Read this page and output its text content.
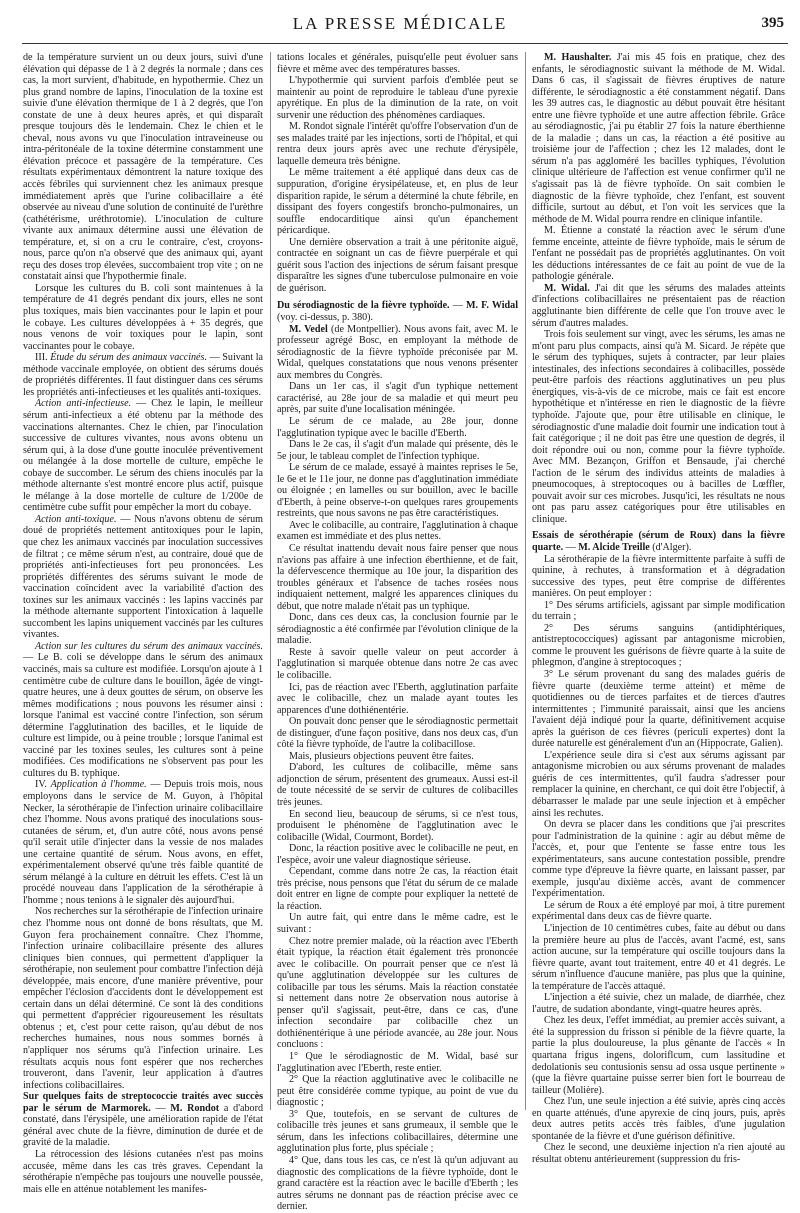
LA PRESSE MÉDICALE	395

de la température survient un ou deux jours, suivi d'une élévation qui dépasse de 1 à 2 degrés la normale ; dans ces cas, la mort survient, d'habitude, en hypothermie. Chez un plus grand nombre de lapins, l'inoculation de la toxine est suivie d'une élévation thermique de 1 à 2 degrés, que l'on constate de une à deux heures après, et qui disparaît presque toujours dès le lendemain. Chez le chien et le cheval, nous avons vu que l'inoculation intraveineuse ou intra-péritonéale de la toxine détermine constamment une élévation précoce et passagère de la température. Ces résultats expérimentaux démontrent la nature toxique des accès fébriles qui surviennent chez les animaux presque immédiatement après que l'urine colibacillaire a été observée au niveau d'une solution de continuité de l'urèthre (cathétérisme, uréthrotomie). L'inoculation de culture vivante aux animaux détermine aussi une élévation de température, et, si on a cru le contraire, c'est, croyons-nous, parce qu'on n'a observé que des animaux qui, ayant reçu des doses trop élevées, succombaient trop vite ; on ne constatait ainsi que l'hypothermie finale.

Lorsque les cultures du B. coli sont maintenues à la température de 41 degrés pendant dix jours, elles ne sont plus toxiques, mais bien vaccinantes pour le lapin et pour le cobaye. Les cultures développées à + 35 degrés, que nous venons de voir toxiques pour le lapin, sont vaccinantes pour le cobaye.

III. Étude du sérum des animaux vaccinés. — Suivant la méthode vaccinale employée, on obtient des sérums doués de propriétés différentes. Il faut distinguer dans ces sérums les propriétés anti-infectieuses et les qualités anti-toxiques.

Action anti-infectieuse. — Chez le lapin, le meilleur sérum anti-infectieux a été obtenu par la méthode des vaccinations alternantes. Chez le chien, par l'inoculation successive de cultures vivantes, nous avons obtenu un sérum qui, à la dose d'une goutte inoculée préventivement ou mélangée à la dose mortelle de culture, empêche le cobaye de succomber. Le sérum des chiens inoculés par la méthode alternante s'est montré encore plus actif, puisque le mélange à la dose mortelle de culture de 1/200e de centimètre cube suffit pour empêcher la mort du cobaye.

Action anti-toxique. — Nous n'avons obtenu de sérum doué de propriétés nettement antitoxiques pour le lapin, que chez les animaux vaccinés par inoculation successives de filtrat ; ce même sérum n'est, au contraire, doué que de propriétés anti-infectieuses fort peu prononcées. Les propriétés différentes des sérums suivant le mode de vaccination coïncident avec la variabilité d'action des toxines sur les animaux vaccinés : les lapins vaccinés par la méthode alternante supportent l'intoxication à laquelle succombent les lapins uniquement vaccinés par les cultures vivantes.

Action sur les cultures du sérum des animaux vaccinés. — Le B. coli se développe dans le sérum des animaux vaccinés, mais sa culture est modifiée. Lorsqu'on ajoute à 1 centimètre cube de culture dans le bouillon, âgée de vingt-quatre heures, une à deux gouttes de sérum, on observe les mêmes modifications ; nous pouvons les résumer ainsi : lorsque l'animal est vacciné contre l'infection, son sérum détermine l'agglutination des bacilles, et le liquide de culture est limpide, ou à peine trouble ; lorsque l'animal est vacciné par les toxines seules, les cultures sont à peine modifiées. Ces modifications ne s'observent pas pour les cultures du B. typhique.

IV. Application à l'homme. — Depuis trois mois, nous employons dans le service de M. Guyon, à l'hôpital Necker, la sérothérapie de l'infection urinaire colibacillaire chez l'homme. Nous avons pratiqué des inoculations sous-cutanées de sérum, et, d'un autre côté, nous avons pensé qu'il serait utile d'injecter dans la vessie de nos malades une certaine quantité de sérum. Nous avons, en effet, expérimentalement observé qu'une très faible quantité de sérum mélangé à la culture en détruit les effets. C'est là un procédé nouveau dans l'application de la sérothérapie à l'homme ; nous tenions à le signaler dès aujourd'hui.

Nos recherches sur la sérothérapie de l'infection urinaire chez l'homme nous ont donné de bons résultats, que M. Guyon fera prochainement connaître. Chez l'homme, l'infection urinaire colibacillaire présente des allures cliniques bien connues, qui permettent d'appliquer la sérothérapie, non seulement pour combattre l'infection déjà développée, mais encore, d'une manière préventive, pour empêcher l'éclosion d'accidents dont le développement est certain dans un délai déterminé. Ce sont là des conditions qui permettent d'apprécier rigoureusement les résultats obtenus ; et, c'est pour cette raison, qu'au début de nos recherches humaines, nous nous sommes bornés à n'appliquer nos sérums qu'à l'infection urinaire. Les résultats acquis nous font espérer que nos recherches trouveront, dans l'avenir, leur application à d'autres infections colibacillaires.

Sur quelques faits de streptococcie traités avec succès par le sérum de Marmorek. — M. Rondot a d'abord constaté, dans l'érysipèle, une amélioration rapide de l'état général avec chute de la fièvre, diminution de durée et de gravité de la maladie.

La rétrocession des lésions cutanées n'est pas moins accusée, même dans les cas très graves. Cependant la sérothérapie n'empêche pas toujours une nouvelle poussée, mais elle en atténue notablement les manifes-

tations locales et générales, puisqu'elle peut évoluer sans fièvre et même avec des températures basses.

L'hypothermie qui survient parfois d'emblée peut se maintenir au point de reproduire le tableau d'une pyrexie apyrétique. En plus de la diminution de la rate, on voit survenir une réduction des phénomènes cardiaques.

M. Rondot signale l'intérêt qu'offre l'observation d'un de ses malades traité par les injections, sorti de l'hôpital, et qui rentra deux jours après avec une rechute d'érysipèle, laquelle demeura très bénigne.

Le même traitement a été appliqué dans deux cas de suppuration, d'origine érysipélateuse, et, en plus de leur disparition rapide, le sérum a déterminé la chute fébrile, en dissipant des foyers congestifs broncho-pulmonaires, un souffle endocarditique ainsi qu'un épanchement péricardique.

Une dernière observation a trait à une péritonite aiguë, contractée en soignant un cas de fièvre puerpérale et qui guérit sous l'action des injections de sérum faisant presque disparaître les signes d'une tuberculose pulmonaire en voie de guérison.

Du sérodiagnostic de la fièvre typhoïde. — M. F. Widal (voy. ci-dessus, p. 380).

M. Vedel (de Montpellier). Nous avons fait, avec M. le professeur agrégé Bosc, en employant la méthode de sérodiagnostic de la fièvre typhoïde préconisée par M. Widal, quelques constatations que nous venons présenter aux membres du Congrès.

Dans un 1er cas, il s'agit d'un typhique nettement caractérisé, au 28e jour de sa maladie et qui meurt peu après, par suite d'une localisation méningée.

Le sérum de ce malade, au 28e jour, donne l'agglutination typique avec le bacille d'Eberth.

Dans le 2e cas, il s'agit d'un malade qui présente, dès le 5e jour, le tableau complet de l'infection typhique.

Le sérum de ce malade, essayé à maintes reprises le 5e, le 6e et le 11e jour, ne donne pas d'agglutination immédiate ou éloignée ; en lamelles ou sur bouillon, avec le bacille d'Eberth, à peine observe-t-on quelques rares groupements restreints, que nous savons ne pas être caractéristiques.

Avec le colibacille, au contraire, l'agglutination à chaque examen est immédiate et des plus nettes.

Ce résultat inattendu devait nous faire penser que nous n'avions pas affaire à une infection éberthienne, et de fait, la défervescence thermique au 10e jour, la disparition des troubles généraux et l'absence de taches rosées nous indiquaient nettement, malgré les apparences cliniques du début, que notre malade n'était pas un typhique.

Donc, dans ces deux cas, la conclusion fournie par le sérodiagnostic a été confirmée par l'évolution clinique de la maladie.

Reste à savoir quelle valeur on peut accorder à l'agglutination si marquée obtenue dans notre 2e cas avec le colibacille.

Ici, pas de réaction avec l'Eberth, agglutination parfaite avec le colibacille, chez un malade ayant toutes les apparences d'une dothiénentérie.

On pouvait donc penser que le sérodiagnostic permettait de distinguer, d'une façon positive, dans nos deux cas, d'un côté la fièvre typhoïde, de l'autre la colibacillose.

Mais, plusieurs objections peuvent être faites.

D'abord, les cultures de colibacille, même sans adjonction de sérum, présentent des grumeaux. Aussi est-il de toute nécessité de se servir de cultures de colibacilles très jeunes.

En second lieu, beaucoup de sérums, si ce n'est tous, produisent le phénomène de l'agglutination avec le colibacille (Widal, Courmont, Bordet).

Donc, la réaction positive avec le colibacille ne peut, en l'espèce, avoir une valeur diagnostique sérieuse.

Cependant, comme dans notre 2e cas, la réaction était très précise, nous pensons que l'état du sérum de ce malade doit entrer en ligne de compte pour expliquer la netteté de la réaction.

Un autre fait, qui entre dans le même cadre, est le suivant :

Chez notre premier malade, où la réaction avec l'Eberth était typique, la réaction était également très prononcée avec le colibacille. On pourrait penser que ce n'est là qu'une agglutination développée sur les cultures de colibacille par tous les sérums. Mais la réaction constatée si nettement dans notre 2e observation nous autorise à penser qu'il s'agissait, peut-être, dans ce cas, d'une infection secondaire par colibacille chez un dothiénentérique à une période avancée, au 28e jour. Nous concluons :

1° Que le sérodiagnostic de M. Widal, basé sur l'agglutination avec l'Eberth, reste entier.

2° Que la réaction agglutinative avec le colibacille ne peut être considérée comme typique, au point de vue du diagnostic ;

3° Que, toutefois, en se servant de cultures de colibacille très jeunes et sans grumeaux, il semble que le sérum, dans les infections colibacillaires, détermine une agglutination plus forte, plus spéciale ;

4° Que, dans tous les cas, ce n'est là qu'un adjuvant au diagnostic des complications de la fièvre typhoïde, dont le grand caractère est la réaction avec le bacille d'Eberth ; les autres sérums ne donnant pas de réaction précise avec ce dernier.

M. Haushalter. J'ai mis 45 fois en pratique, chez des enfants, le sérodiagnostic suivant la méthode de M. Widal. Dans 6 cas, il s'agissait de fièvres éruptives de nature différente, le sérodiagnostic a été constamment négatif. Dans les 39 autres cas, le diagnostic au début pouvait être hésitant entre une fièvre typhoïde et une autre affection fébrile. Grâce au sérodiagnostic, j'ai pu établir 27 fois la nature éberthienne de la maladie ; dans un cas, la réaction a été positive au troisième jour de l'affection ; chez les 12 malades, dont le sérum n'a pas aggloméré les bacilles typhiques, l'évolution clinique ultérieure de l'affection est venue confirmer qu'il ne s'agissait pas là de fièvre typhoïde. On sait combien le diagnostic de la fièvre typhoïde, chez l'enfant, est souvent difficile, surtout au début, et l'on voit les services que la méthode de M. Widal pourra rendre en clinique infantile.

M. Étienne a constaté la réaction avec le sérum d'une femme enceinte, atteinte de fièvre typhoïde, mais le sérum de l'enfant ne possédait pas de propriétés agglutinantes. On voit les déductions intéressantes de ce fait au point de vue de la pathologie générale.

M. Widal. J'ai dit que les sérums des malades atteints d'infections colibacillaires ne présentaient pas de réaction agglutinante bien différente de celle que l'on trouve avec le sérum d'autres malades.

Trois fois seulement sur vingt, avec les sérums, les amas ne m'ont paru plus compacts, ainsi qu'à M. Sicard. Je répète que le sérum des typhiques, sujets à contracter, par leur plaies intestinales, des infections secondaires à colibacilles, possède peut-être parfois des réactions agglutinatives un peu plus énergiques, vis-à-vis de ce microbe, mais ce fait est encore hypothétique et n'intéresse en rien le diagnostic de la fièvre typhoïde. J'ajoute que, pour être utilisable en clinique, le sérodiagnostic d'une maladie doit fournir une indication tout à fait catégorique ; il ne doit pas être une question de degrés, il doit répondre oui ou non, comme pour la fièvre typhoïde. Avec MM. Bezançon, Griffon et Bensaude, j'ai cherché l'action de le sérum des individus atteints de maladies à pneumocoques, à streptocoques ou à bacilles de Lœffler, pouvait avoir sur ces microbes. Jusqu'ici, les résultats ne nous ont pas paru assez catégoriques pour être utilisables en clinique.

Essais de sérothérapie (sérum de Roux) dans la fièvre quarte. — M. Alcide Treille (d'Alger).

La sérothérapie de la fièvre intermittente parfaite à suffi de quinine, à rechutes, à transformation et à dégradation successive des types, peut être comprise de différentes manières. On peut employer :

1° Des sérums artificiels, agissant par simple modification du terrain ;

2° Des sérums sanguins (antidiphtériques, antistreptococciques) agissant par antagonisme microbien, comme le prouvent les guérisons de fièvre quarte à la suite de phlegmon, d'angine à streptocoques ;

3° Le sérum provenant du sang des malades guéris de fièvre quarte (deuxième terme atteint) et même de quotidiennes ou de tierces parfaites et de tierces d'autres intermittentes ; l'immunité paraissait, ainsi que les anciens l'avaient déjà indiqué pour la quarte, définitivement acquise après la guérison de ces fièvres (periculi expertes) dont la durée naturelle est généralement d'un an (Hippocrate, Galien).

L'expérience seule dira si c'est aux sérums agissant par antagonisme microbien ou aux sérums provenant de malades guéris de ces intermittentes, qu'il faudra s'adresser pour remplacer la quinine, en cherchant, ce qui doit être l'objectif, à débarrasser le malade par une seule injection et à empêcher ainsi les rechutes.

On devra se placer dans les conditions que j'ai prescrites pour l'administration de la quinine : agir au début même de l'accès, et, pour que l'entente se fasse entre tous les expérimentateurs, sans aucune contestation possible, prendre comme type d'épreuve la fièvre quarte, en laissant passer, par exemple, jusqu'au dixième accès, avant de commencer l'expérimentation.

Le sérum de Roux a été employé par moi, à titre purement expérimental dans deux cas de fièvre quarte.

L'injection de 10 centimètres cubes, faite au début ou dans la première heure au plus de l'accès, avant l'acmé, est, sans action aucune, sur la température qui oscille toujours dans la fièvre quarte, avant tout traitement, entre 40 et 41 degrés. Le sérum n'influence d'aucune manière, pas plus que la quinine, la température de l'accès attaqué.

L'injection a été suivie, chez un malade, de diarrhée, chez l'autre, de sudation abondante, vingt-quatre heures après.

Chez les deux, l'effet immédiat, au premier accès suivant, a été la suppression du frisson si pénible de la fièvre quarte, la partie la plus douloureuse, la plus gênante de l'accès « In quartana frigus ingens, doloriflcum, cum lassitudine et dedolationis seu contusionis sensu ad ossa usque pertinente » (que la fièvre quartaine puisse serrer bien fort le bourreau de tailleur (Molière).

Chez l'un, une seule injection a été suivie, après cinq accès en quarte atténués, d'une apyrexie de cinq jours, puis, après deux autres petits accès très faibles, d'une jugulation spontanée de la fièvre et d'une guérison définitive.

Chez le second, une deuxième injection n'a rien ajouté au résultat obtenu antérieurement (suppression du fris-
